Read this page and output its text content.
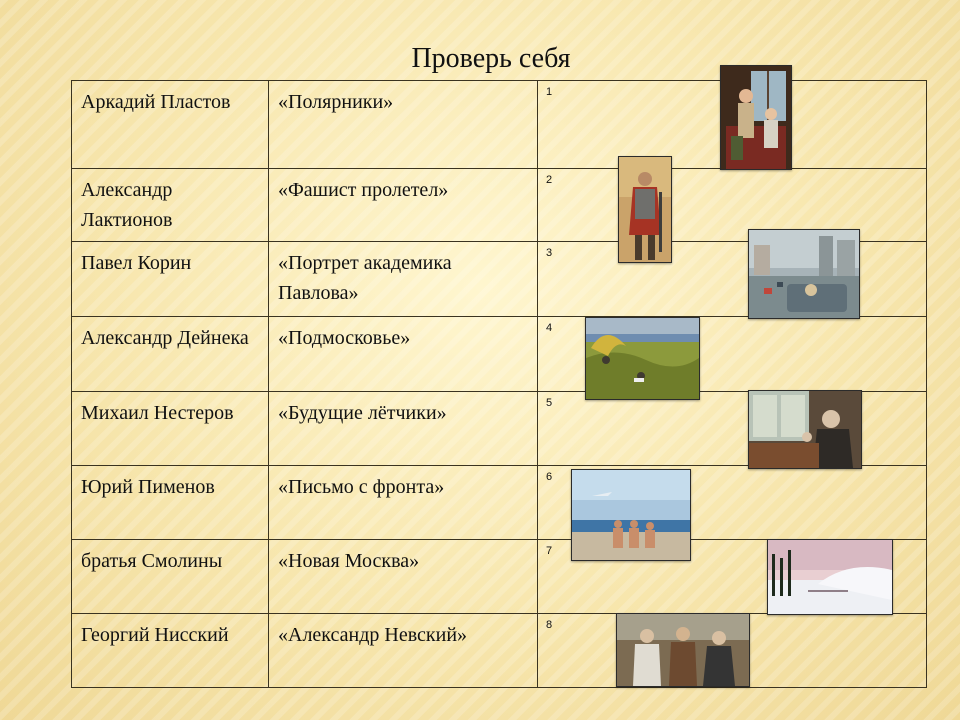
Проверь себя
Аркадий Пластов	«Полярники»	1
Александр Лактионов	«Фашист пролетел»	2
Павел Корин	«Портрет академика Павлова»	3
Александр Дейнека	«Подмосковье»	4
Михаил Нестеров	«Будущие лётчики»	5
Юрий Пименов	«Письмо с фронта»	6
братья Смолины	«Новая Москва»	7
Георгий Нисский	«Александр Невский»	8
